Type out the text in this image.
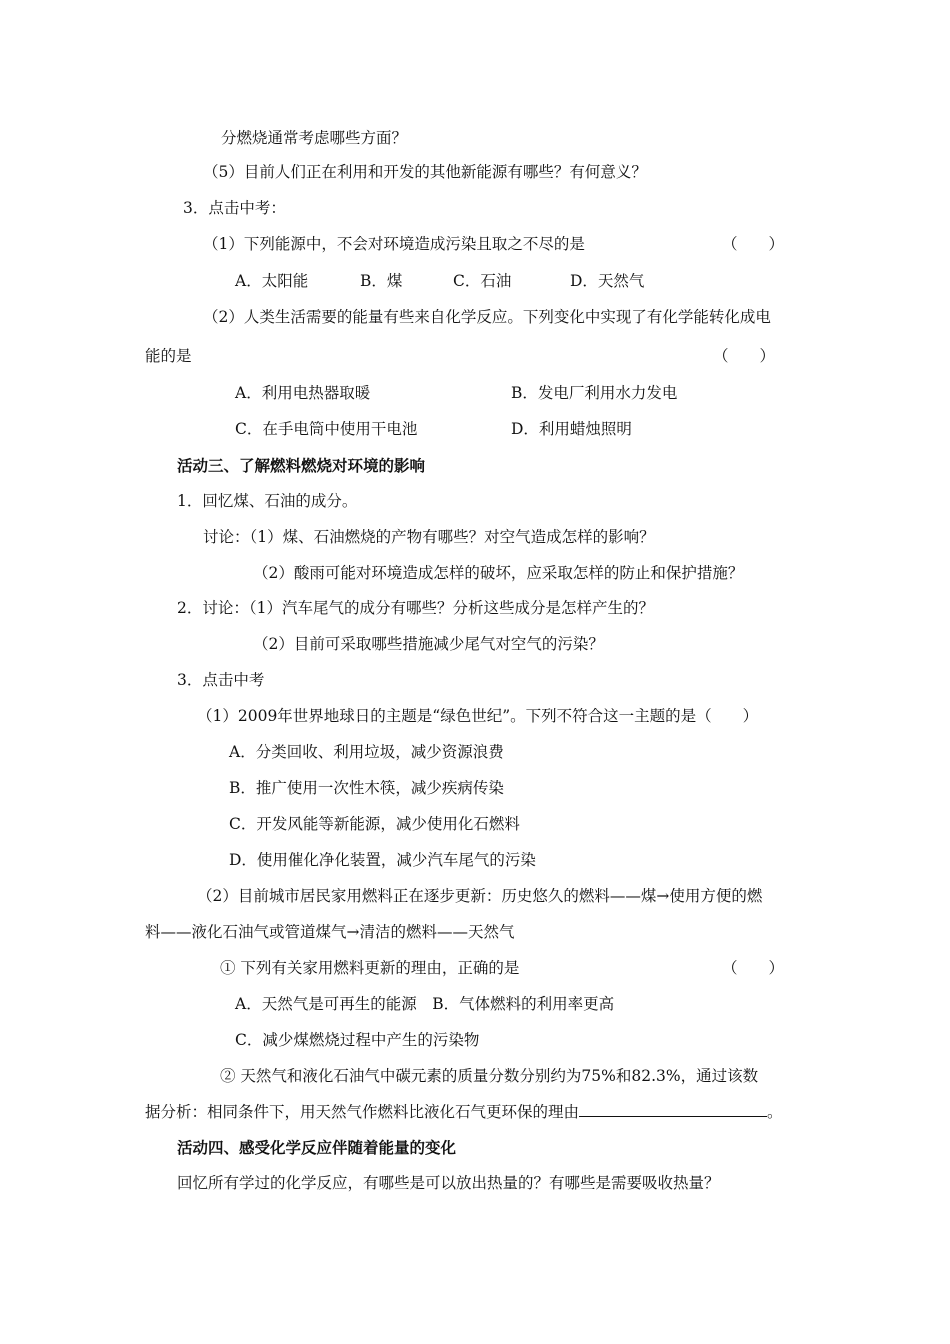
分燃烧通常考虑哪些方面？
（5）目前人们正在利用和开发的其他新能源有哪些？有何意义？
3．点击中考：
（1）下列能源中，不会对环境造成污染且取之不尽的是	（　　）
A．太阳能	B．煤	C．石油	D．天然气
（2）人类生活需要的能量有些来自化学反应。下列变化中实现了有化学能转化成电
能的是	（　　）
A．利用电热器取暖	B．发电厂利用水力发电
C．在手电筒中使用干电池	D．利用蜡烛照明
活动三、了解燃料燃烧对环境的影响
1．回忆煤、石油的成分。
讨论：（1）煤、石油燃烧的产物有哪些？对空气造成怎样的影响？
（2）酸雨可能对环境造成怎样的破坏，应采取怎样的防止和保护措施？
2．讨论：（1）汽车尾气的成分有哪些？分析这些成分是怎样产生的？
（2）目前可采取哪些措施减少尾气对空气的污染？
3．点击中考
（1）2009年世界地球日的主题是“绿色世纪”。下列不符合这一主题的是（　　）
A．分类回收、利用垃圾，减少资源浪费
B．推广使用一次性木筷，减少疾病传染
C．开发风能等新能源，减少使用化石燃料
D．使用催化净化装置，减少汽车尾气的污染
（2）目前城市居民家用燃料正在逐步更新：历史悠久的燃料——煤→使用方便的燃
料——液化石油气或管道煤气→清洁的燃料——天然气
① 下列有关家用燃料更新的理由，正确的是	（　　）
A．天然气是可再生的能源　B．气体燃料的利用率更高
C．减少煤燃烧过程中产生的污染物
② 天然气和液化石油气中碳元素的质量分数分别约为75%和82.3%，通过该数
据分析：相同条件下，用天然气作燃料比液化石气更环保的理由	。
活动四、感受化学反应伴随着能量的变化
回忆所有学过的化学反应，有哪些是可以放出热量的？有哪些是需要吸收热量？
